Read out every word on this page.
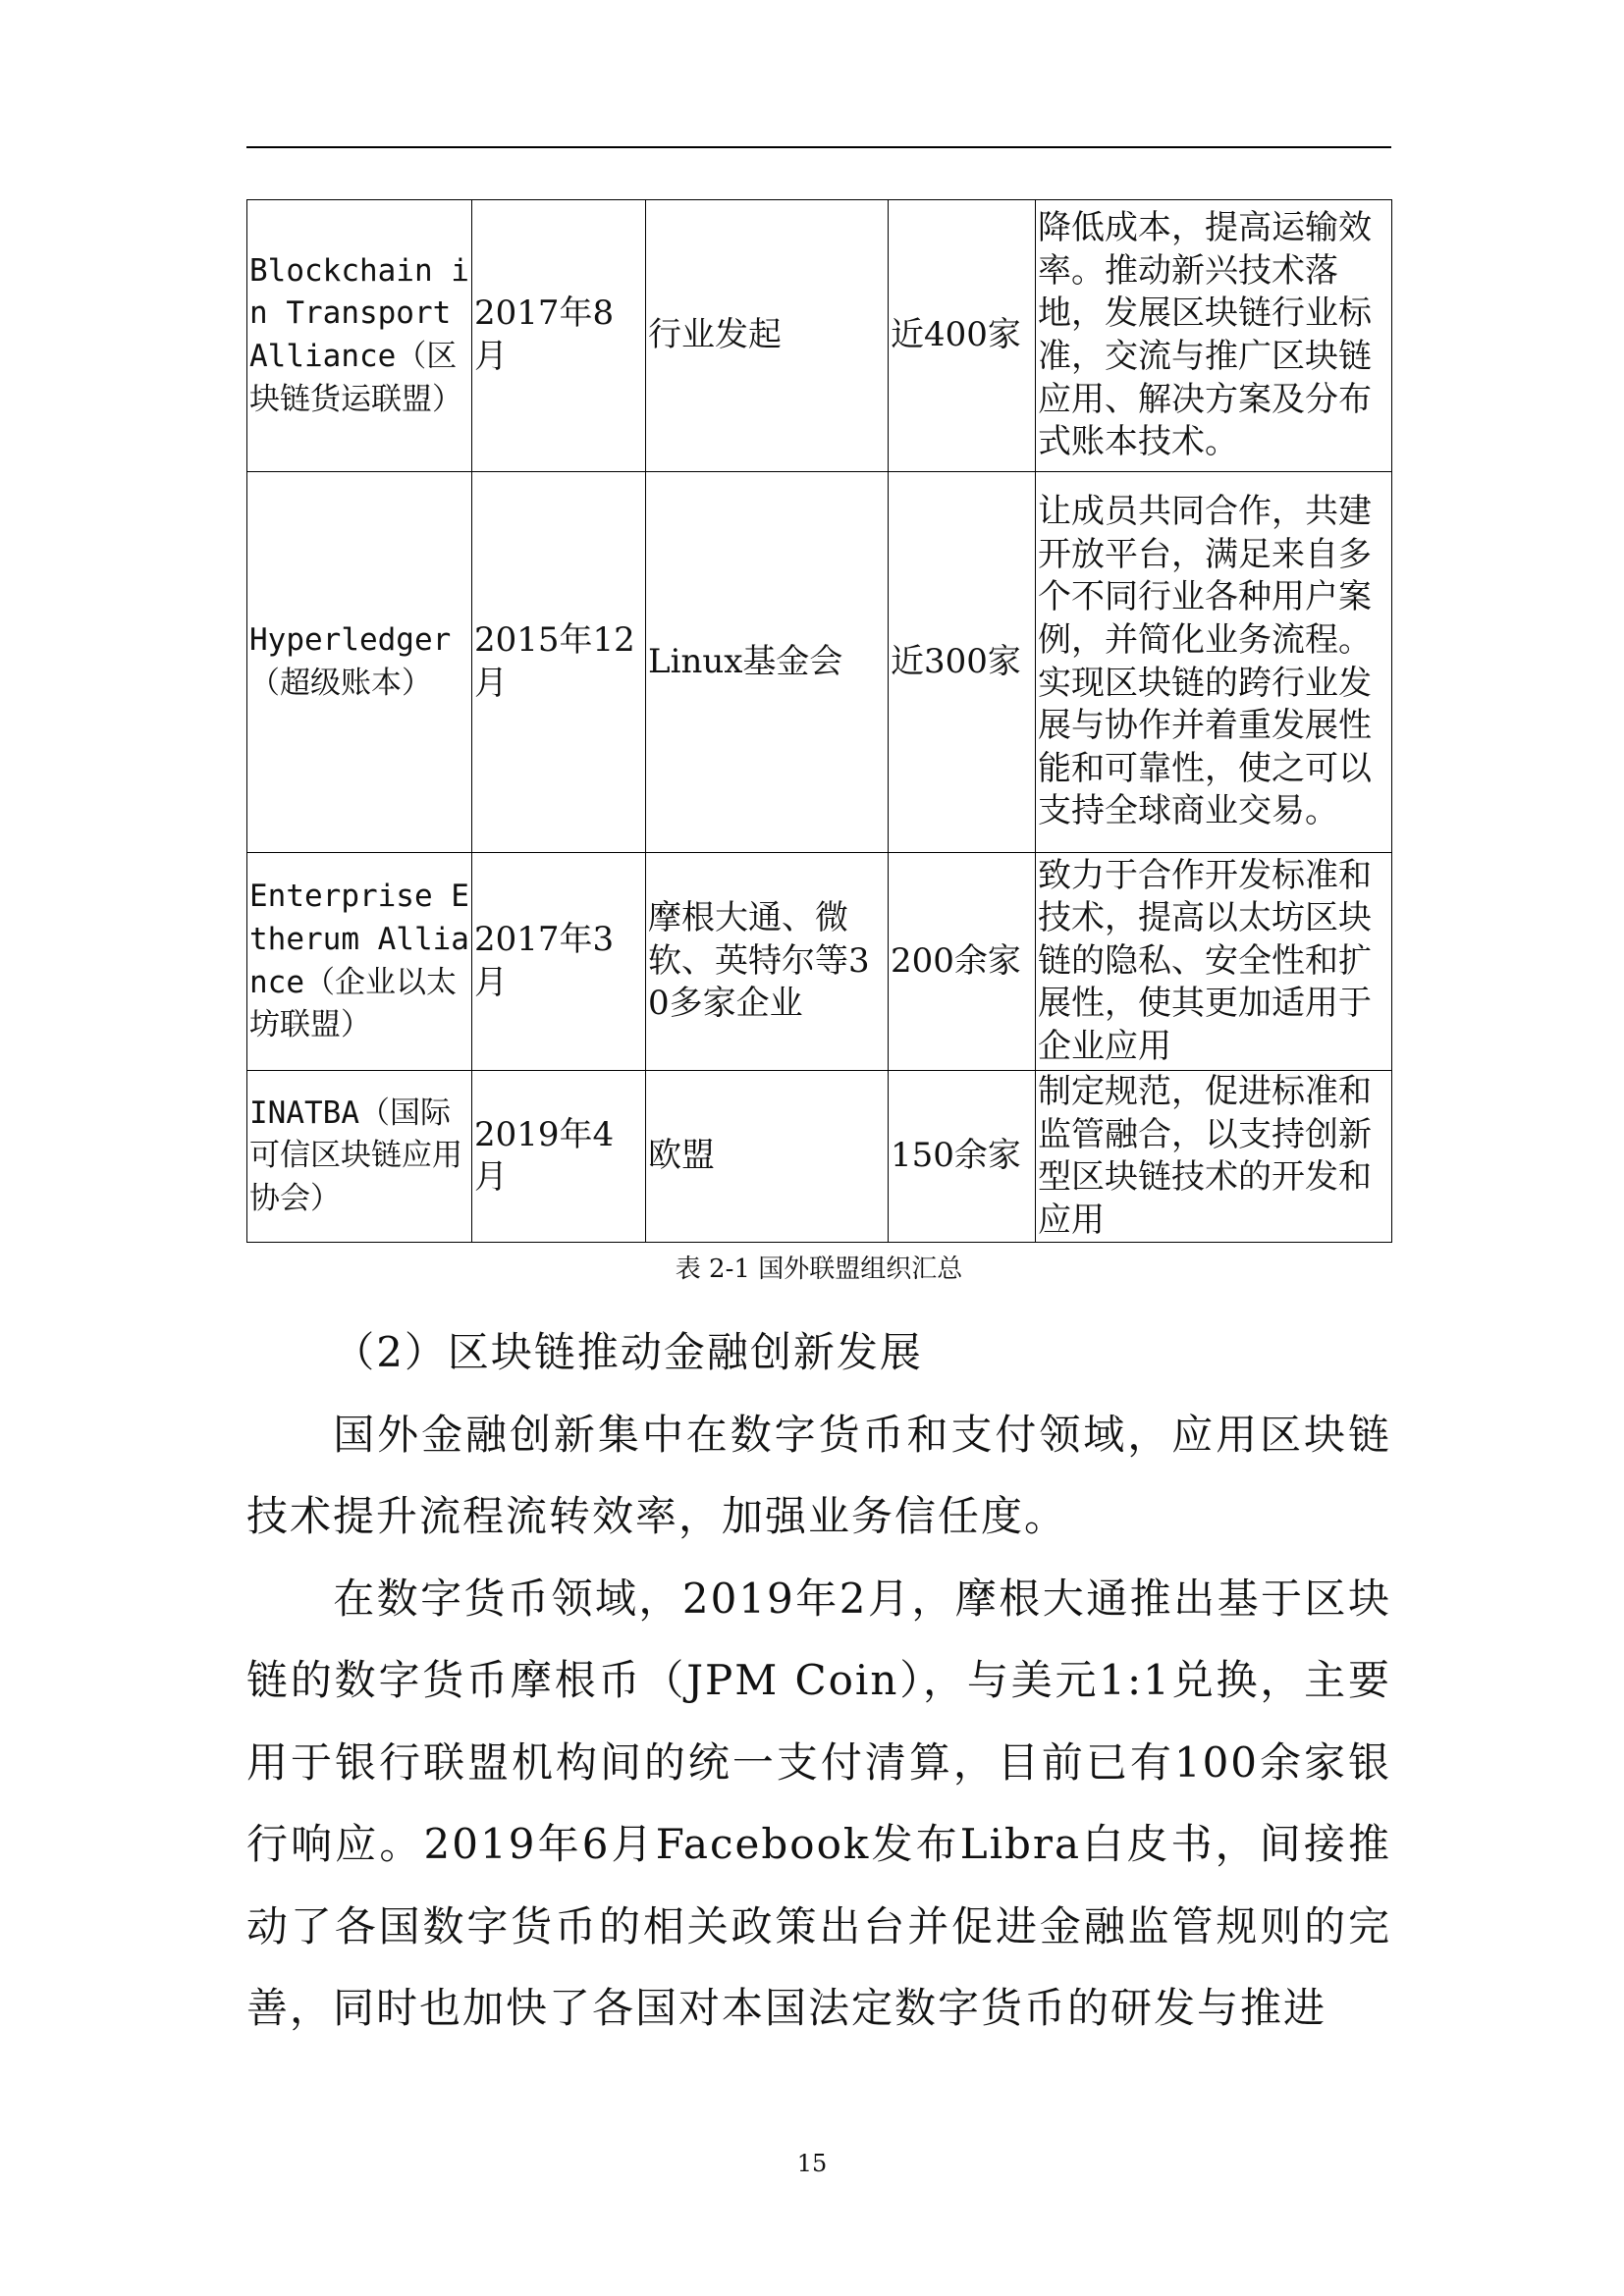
Blockchain in Transport Alliance（区块链货运联盟）	2017年8月	行业发起	近400家	降低成本，提高运输效率。推动新兴技术落地，发展区块链行业标准，交流与推广区块链应用、解决方案及分布式账本技术。
Hyperledger（超级账本）	2015年12月	Linux基金会	近300家	让成员共同合作，共建开放平台，满足来自多个不同行业各种用户案例，并简化业务流程。实现区块链的跨行业发展与协作并着重发展性能和可靠性，使之可以支持全球商业交易。
Enterprise Etherum Alliance（企业以太坊联盟）	2017年3月	摩根大通、微软、英特尔等30多家企业	200余家	致力于合作开发标准和技术，提高以太坊区块链的隐私、安全性和扩展性，使其更加适用于企业应用
INATBA（国际可信区块链应用协会）	2019年4月	欧盟	150余家	制定规范，促进标准和监管融合，以支持创新型区块链技术的开发和应用
表 2-1 国外联盟组织汇总

（2）区块链推动金融创新发展

国外金融创新集中在数字货币和支付领域，应用区块链技术提升流程流转效率，加强业务信任度。

在数字货币领域，2019年2月，摩根大通推出基于区块链的数字货币摩根币（JPM Coin），与美元1:1兑换，主要用于银行联盟机构间的统一支付清算，目前已有100余家银行响应。2019年6月Facebook发布Libra白皮书，间接推动了各国数字货币的相关政策出台并促进金融监管规则的完善，同时也加快了各国对本国法定数字货币的研发与推进

15
